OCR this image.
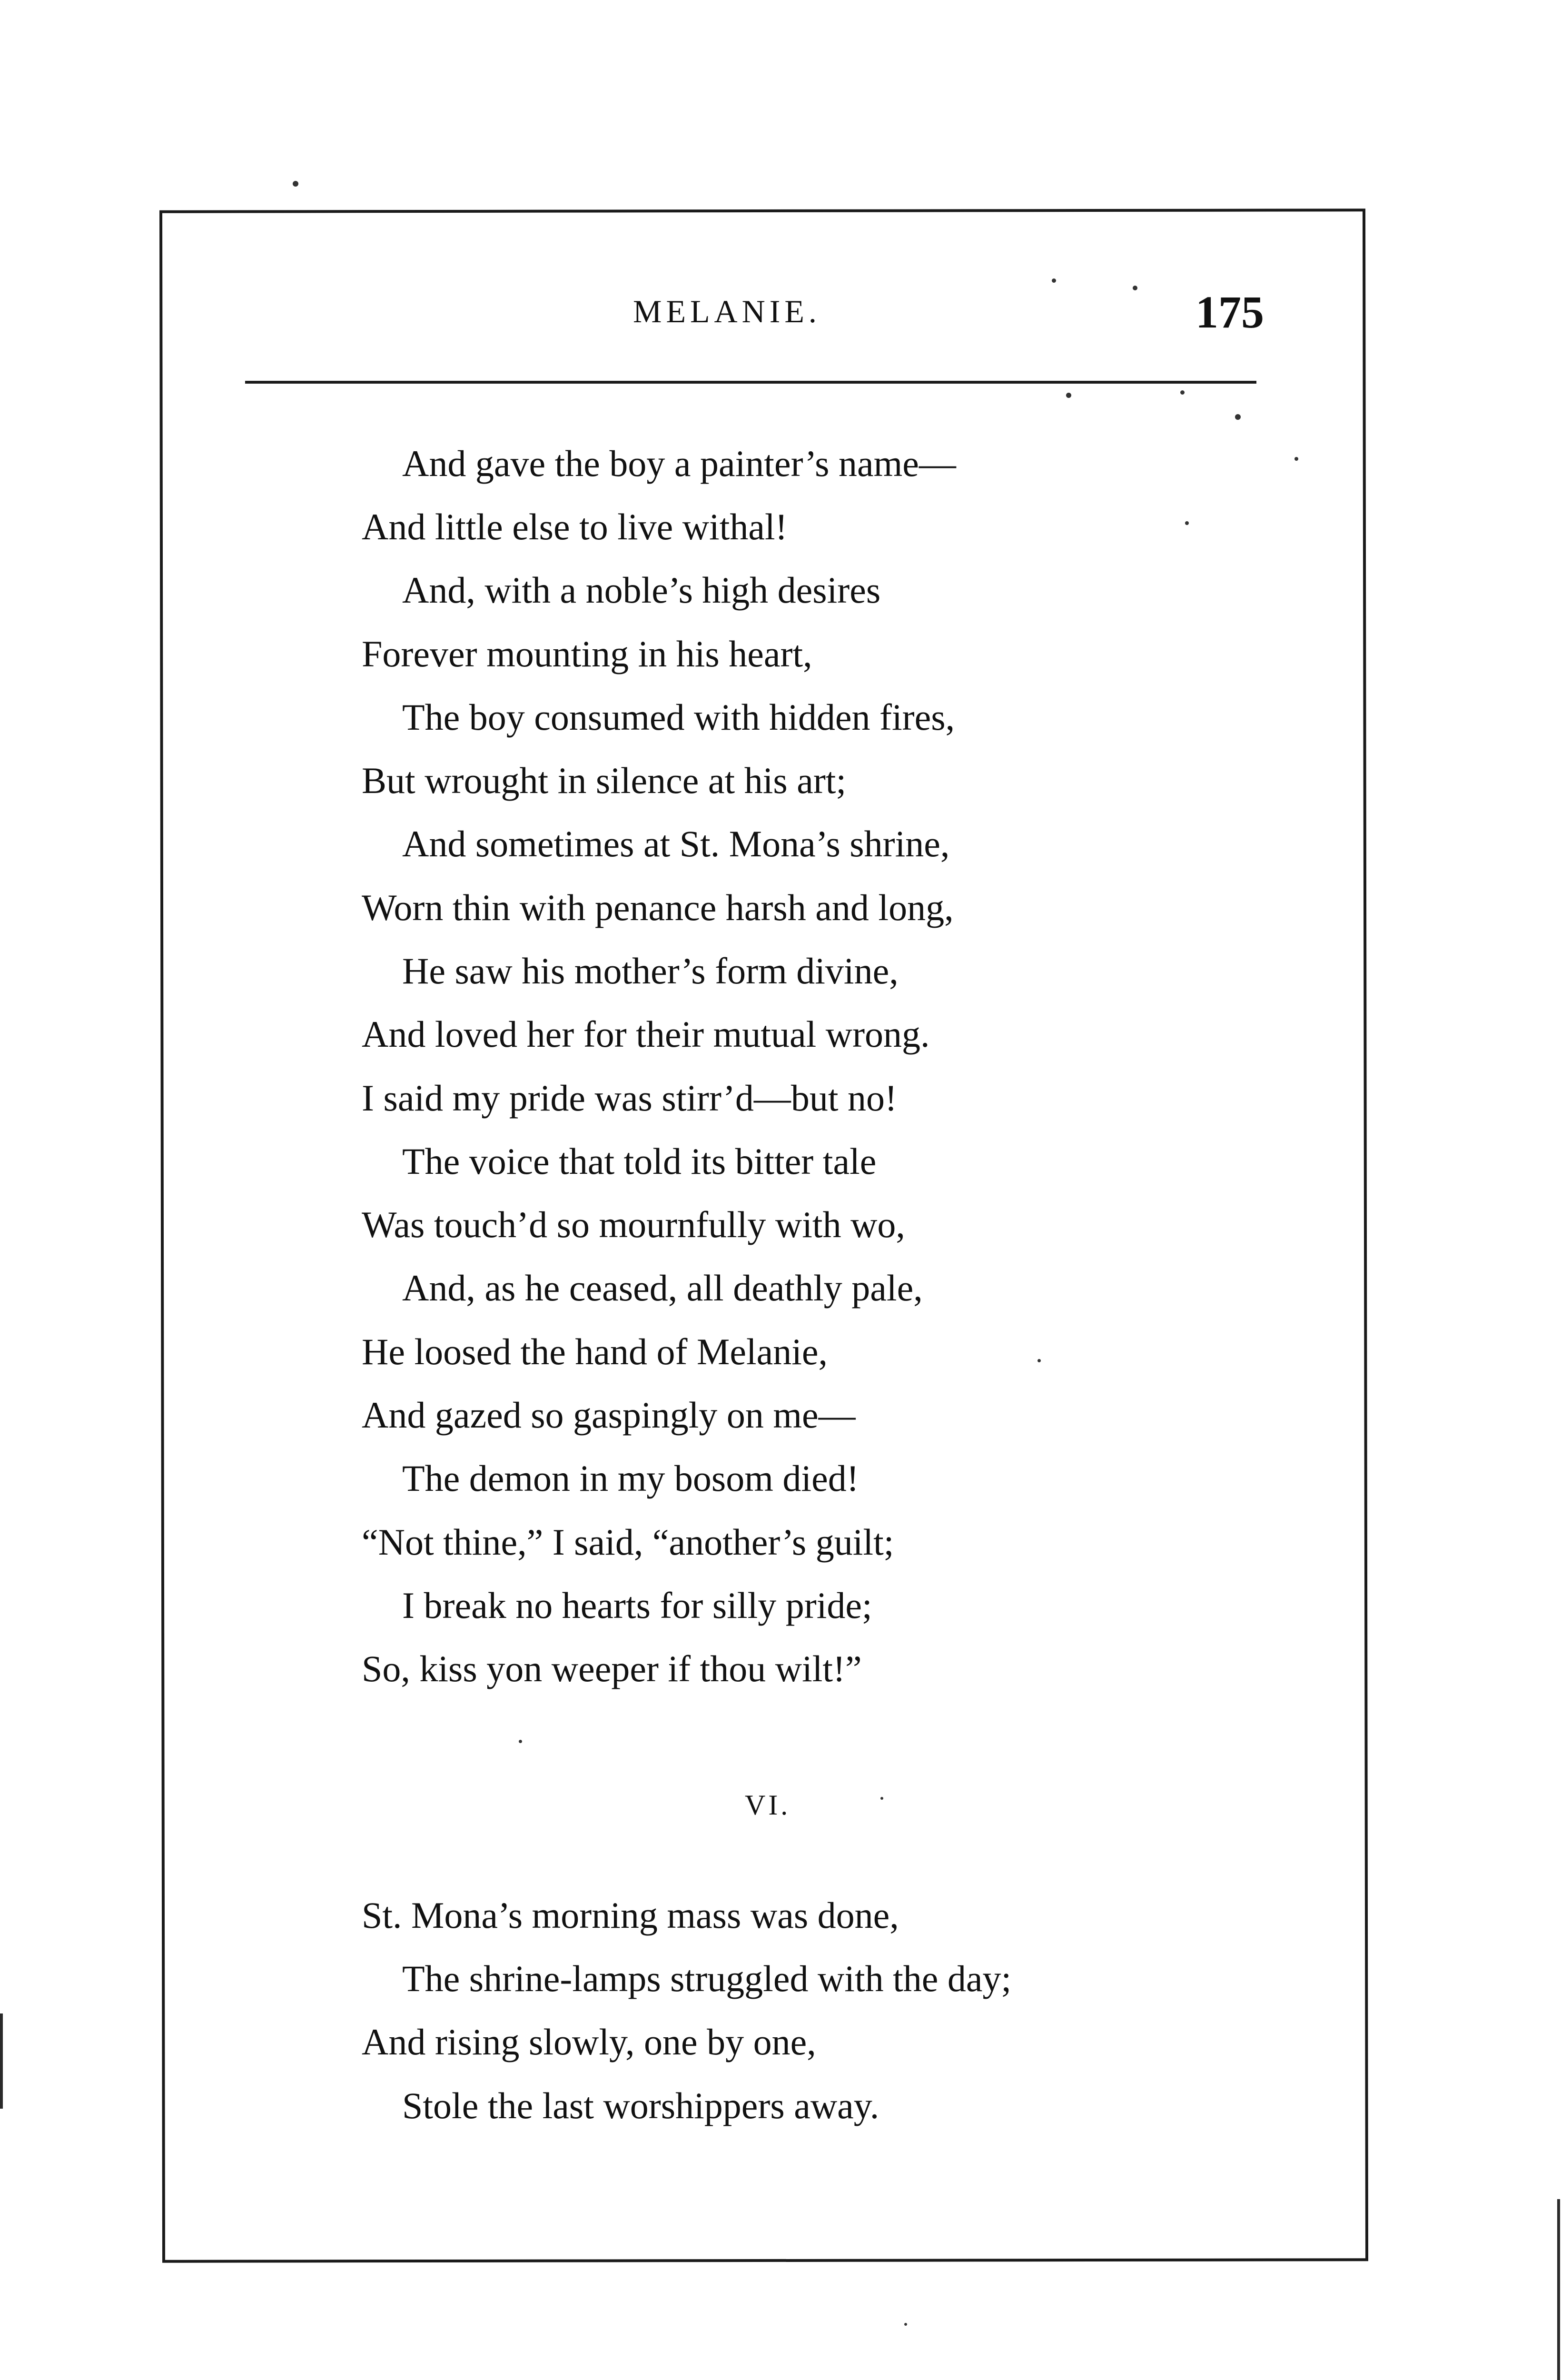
MELANIE.	175
And gave the boy a painter’s name—
And little else to live withal!
And, with a noble’s high desires
Forever mounting in his heart,
The boy consumed with hidden fires,
But wrought in silence at his art;
And sometimes at St. Mona’s shrine,
Worn thin with penance harsh and long,
He saw his mother’s form divine,
And loved her for their mutual wrong.
I said my pride was stirr’d—but no!
The voice that told its bitter tale
Was touch’d so mournfully with wo,
And, as he ceased, all deathly pale,
He loosed the hand of Melanie,
And gazed so gaspingly on me—
The demon in my bosom died!
“Not thine,” I said, “another’s guilt;
I break no hearts for silly pride;
So, kiss yon weeper if thou wilt!”
VI.
St. Mona’s morning mass was done,
The shrine-lamps struggled with the day;
And rising slowly, one by one,
Stole the last worshippers away.
